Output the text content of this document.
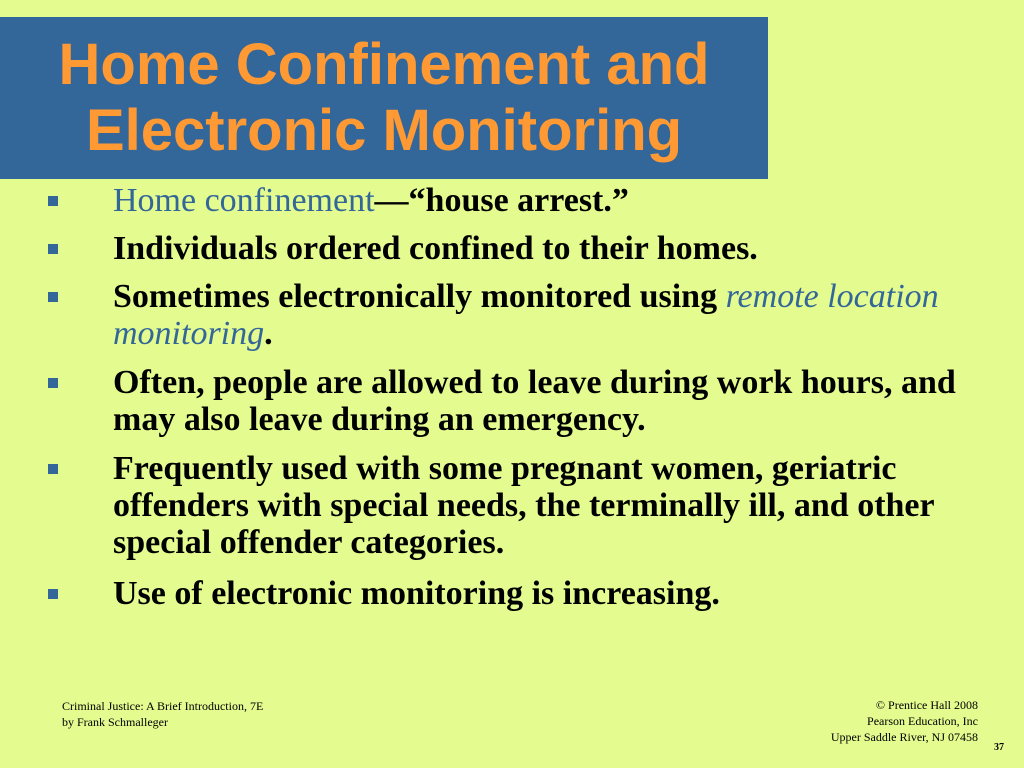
Home Confinement and
Electronic Monitoring
Home confinement—“house arrest.”
Individuals ordered confined to their homes.
Sometimes electronically monitored using remote location monitoring.
Often, people are allowed to leave during work hours, and may also leave during an emergency.
Frequently used with some pregnant women, geriatric offenders with special needs, the terminally ill, and other special offender categories.
Use of electronic monitoring is increasing.
Criminal Justice: A Brief Introduction, 7E
by Frank Schmalleger
© Prentice Hall 2008
Pearson Education, Inc
Upper Saddle River, NJ 07458
37
